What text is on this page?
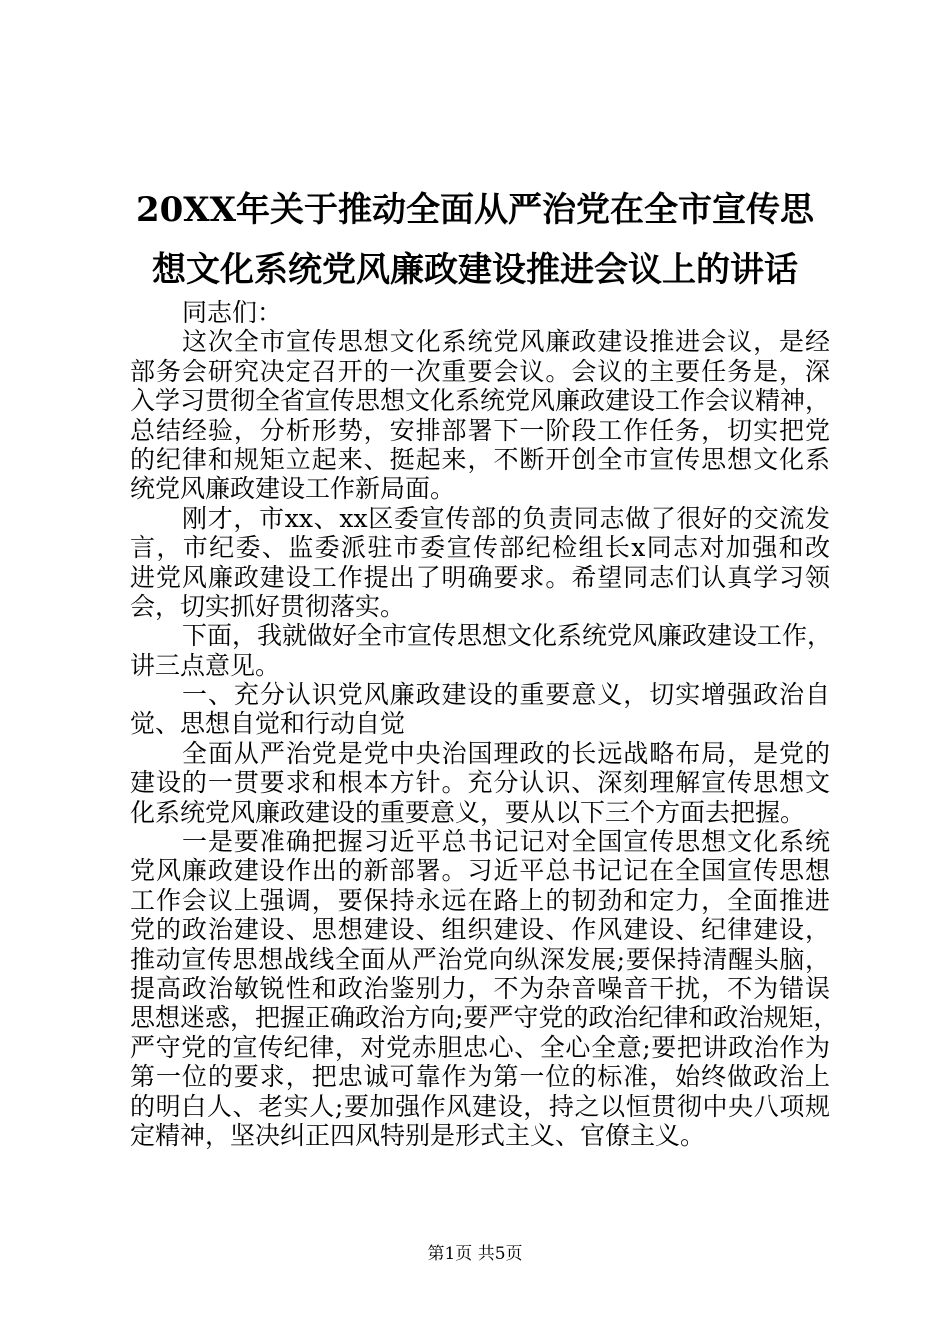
20XX年关于推动全面从严治党在全市宣传思
想文化系统党风廉政建设推进会议上的讲话
同志们：
这次全市宣传思想文化系统党风廉政建设推进会议，是经
部务会研究决定召开的一次重要会议。会议的主要任务是，深
入学习贯彻全省宣传思想文化系统党风廉政建设工作会议精神，
总结经验，分析形势，安排部署下一阶段工作任务，切实把党
的纪律和规矩立起来、挺起来，不断开创全市宣传思想文化系
统党风廉政建设工作新局面。
刚才，市xx、xx区委宣传部的负责同志做了很好的交流发
言，市纪委、监委派驻市委宣传部纪检组长x同志对加强和改
进党风廉政建设工作提出了明确要求。希望同志们认真学习领
会，切实抓好贯彻落实。
下面，我就做好全市宣传思想文化系统党风廉政建设工作，
讲三点意见。
一、充分认识党风廉政建设的重要意义，切实增强政治自
觉、思想自觉和行动自觉
全面从严治党是党中央治国理政的长远战略布局，是党的
建设的一贯要求和根本方针。充分认识、深刻理解宣传思想文
化系统党风廉政建设的重要意义，要从以下三个方面去把握。
一是要准确把握习近平总书记记对全国宣传思想文化系统
党风廉政建设作出的新部署。习近平总书记记在全国宣传思想
工作会议上强调，要保持永远在路上的韧劲和定力，全面推进
党的政治建设、思想建设、组织建设、作风建设、纪律建设，
推动宣传思想战线全面从严治党向纵深发展;要保持清醒头脑，
提高政治敏锐性和政治鉴别力，不为杂音噪音干扰，不为错误
思想迷惑，把握正确政治方向;要严守党的政治纪律和政治规矩，
严守党的宣传纪律，对党赤胆忠心、全心全意;要把讲政治作为
第一位的要求，把忠诚可靠作为第一位的标准，始终做政治上
的明白人、老实人;要加强作风建设，持之以恒贯彻中央八项规
定精神，坚决纠正四风特别是形式主义、官僚主义。
第1页 共5页
